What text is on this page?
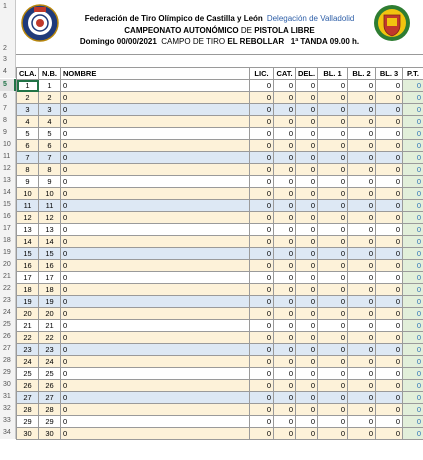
1
2
3
4
5
6
7
8
9
10
11
12
13
14
15
16
17
18
19
20
21
22
23
24
25
26
27
28
29
30
31
32
33
34
Federación de Tiro Olímpico de Castilla y León Delegación de Valladolid
CAMPEONATO AUTONÓMICO DE PISTOLA LIBRE
Domingo 00/00/2021 CAMPO DE TIRO EL REBOLLAR 1ª TANDA 09.00 h.
CLA.	N.B.	NOMBRE	LIC.	CAT.	DEL.	BL. 1	BL. 2	BL. 3	P.T.
1	1	0	0	0	0	0	0	0	0
2	2	0	0	0	0	0	0	0	0
3	3	0	0	0	0	0	0	0	0
4	4	0	0	0	0	0	0	0	0
5	5	0	0	0	0	0	0	0	0
6	6	0	0	0	0	0	0	0	0
7	7	0	0	0	0	0	0	0	0
8	8	0	0	0	0	0	0	0	0
9	9	0	0	0	0	0	0	0	0
10	10	0	0	0	0	0	0	0	0
11	11	0	0	0	0	0	0	0	0
12	12	0	0	0	0	0	0	0	0
13	13	0	0	0	0	0	0	0	0
14	14	0	0	0	0	0	0	0	0
15	15	0	0	0	0	0	0	0	0
16	16	0	0	0	0	0	0	0	0
17	17	0	0	0	0	0	0	0	0
18	18	0	0	0	0	0	0	0	0
19	19	0	0	0	0	0	0	0	0
20	20	0	0	0	0	0	0	0	0
21	21	0	0	0	0	0	0	0	0
22	22	0	0	0	0	0	0	0	0
23	23	0	0	0	0	0	0	0	0
24	24	0	0	0	0	0	0	0	0
25	25	0	0	0	0	0	0	0	0
26	26	0	0	0	0	0	0	0	0
27	27	0	0	0	0	0	0	0	0
28	28	0	0	0	0	0	0	0	0
29	29	0	0	0	0	0	0	0	0
30	30	0	0	0	0	0	0	0	0
